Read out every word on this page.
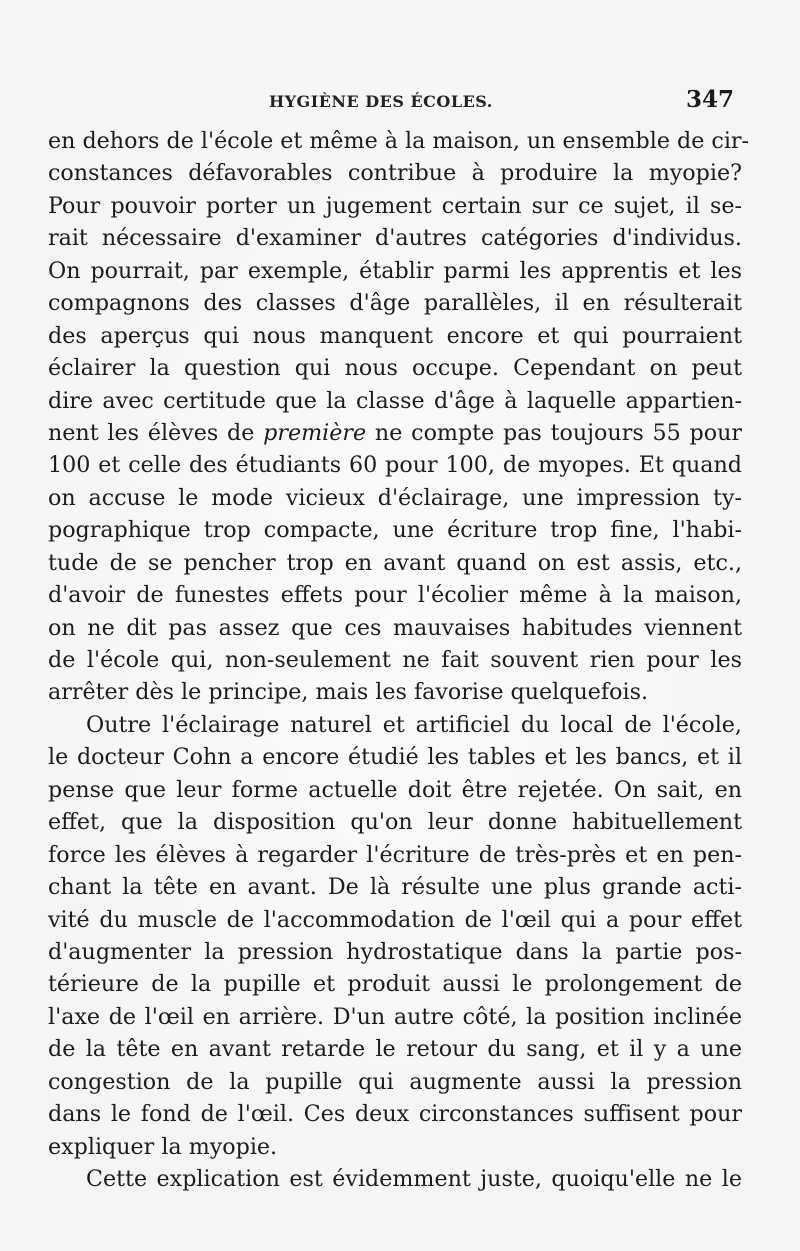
HYGIÈNE DES ÉCOLES.	347
en dehors de l'école et même à la maison, un ensemble de cir-
constances défavorables contribue à produire la myopie?
Pour pouvoir porter un jugement certain sur ce sujet, il se-
rait nécessaire d'examiner d'autres catégories d'individus.
On pourrait, par exemple, établir parmi les apprentis et les
compagnons des classes d'âge parallèles, il en résulterait
des aperçus qui nous manquent encore et qui pourraient
éclairer la question qui nous occupe. Cependant on peut
dire avec certitude que la classe d'âge à laquelle appartien-
nent les élèves de première ne compte pas toujours 55 pour
100 et celle des étudiants 60 pour 100, de myopes. Et quand
on accuse le mode vicieux d'éclairage, une impression ty-
pographique trop compacte, une écriture trop fine, l'habi-
tude de se pencher trop en avant quand on est assis, etc.,
d'avoir de funestes effets pour l'écolier même à la maison,
on ne dit pas assez que ces mauvaises habitudes viennent
de l'école qui, non-seulement ne fait souvent rien pour les
arrêter dès le principe, mais les favorise quelquefois.
Outre l'éclairage naturel et artificiel du local de l'école,
le docteur Cohn a encore étudié les tables et les bancs, et il
pense que leur forme actuelle doit être rejetée. On sait, en
effet, que la disposition qu'on leur donne habituellement
force les élèves à regarder l'écriture de très-près et en pen-
chant la tête en avant. De là résulte une plus grande acti-
vité du muscle de l'accommodation de l'œil qui a pour effet
d'augmenter la pression hydrostatique dans la partie pos-
térieure de la pupille et produit aussi le prolongement de
l'axe de l'œil en arrière. D'un autre côté, la position inclinée
de la tête en avant retarde le retour du sang, et il y a une
congestion de la pupille qui augmente aussi la pression
dans le fond de l'œil. Ces deux circonstances suffisent pour
expliquer la myopie.
Cette explication est évidemment juste, quoiqu'elle ne le
